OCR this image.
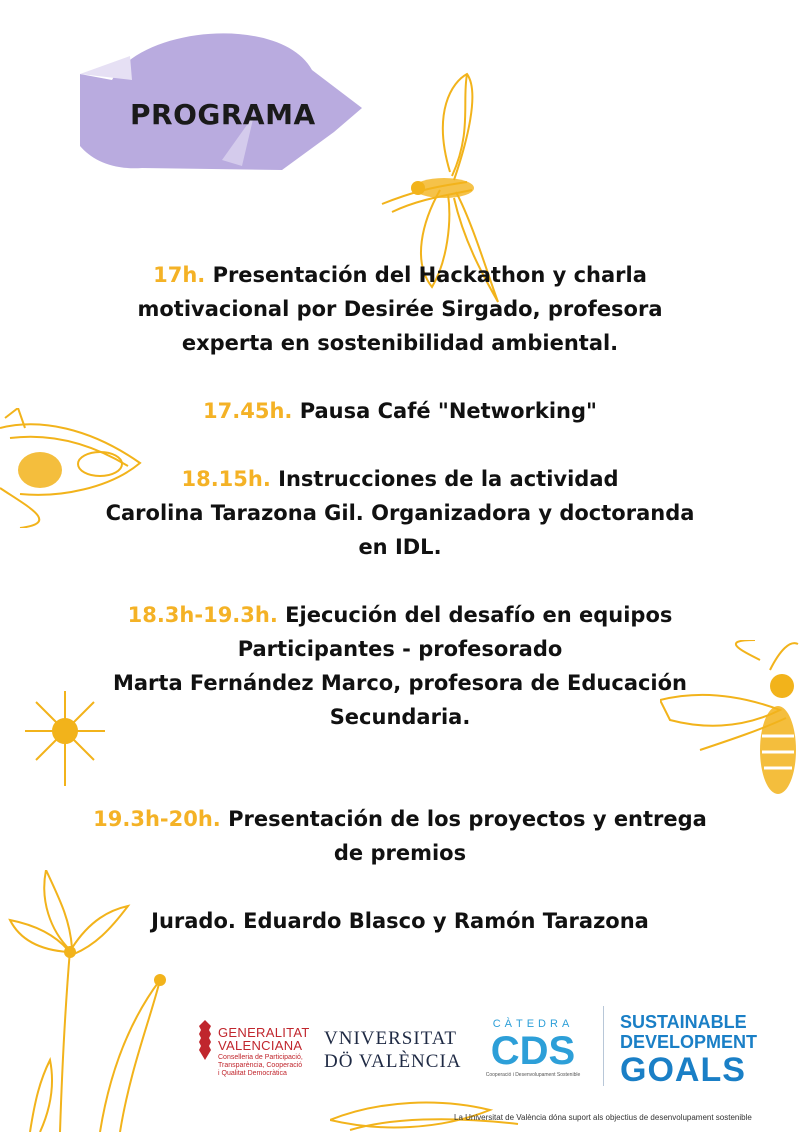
PROGRAMA
17h. Presentación del Hackathon y charla
motivacional por Desirée Sirgado, profesora
experta en sostenibilidad ambiental.
17.45h. Pausa Café "Networking"
18.15h. Instrucciones de la actividad
Carolina Tarazona Gil. Organizadora y doctoranda
en IDL.
18.3h-19.3h. Ejecución del desafío en equipos
Participantes - profesorado
Marta Fernández Marco, profesora de Educación
Secundaria.
19.3h-20h. Presentación de los proyectos y entrega
de premios
Jurado. Eduardo Blasco y Ramón Tarazona
GENERALITAT
VALENCIANA
Conselleria de Participació,
Transparència, Cooperació
i Qualitat Democràtica
VNIVERSITAT
DÖ VALÈNCIA
CÀTEDRA
CDS
Cooperació i Desenvolupament Sostenible
SUSTAINABLE
DEVELOPMENT
GOALS
La Universitat de València dóna suport als objectius de desenvolupament sostenible
